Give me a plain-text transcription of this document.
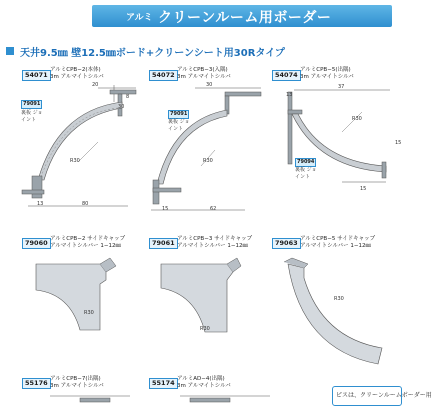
アルミ クリーンルーム用ボーダー
天井9.5㎜ 壁12.5㎜ボード+クリーンシート用30Rタイプ
54071
アルミCPB−2(本体)
3m アルマイトシルバ
79091
裏板 ジョイント
20
8
30
R30
13	80
54072
アルミCPB−3(入隅)
3m アルマイトシルバ
79091
裏板 ジョイント
30
R30
15	62
54074
アルミCPB−5(出隅)
3m アルマイトシルバ
79094
裏板 ジョイント
37
13
15
R30
15
79060 アルミCPB−2 サイドキャップ
アルマイトシルバー 1−12㎜
R30
79061 アルミCPB−3 サイドキャップ
アルマイトシルバー 1−12㎜
R30
79063 アルミCPB−5 サイドキャップ
アルマイトシルバー 1−12㎜
R30
55176 アルミCPB−7(出隅)
3m アルマイトシルバ	55174 アルミAD−4(出隅)
3m アルマイトシルバ
ピスは、クリーンルームボーダー用
